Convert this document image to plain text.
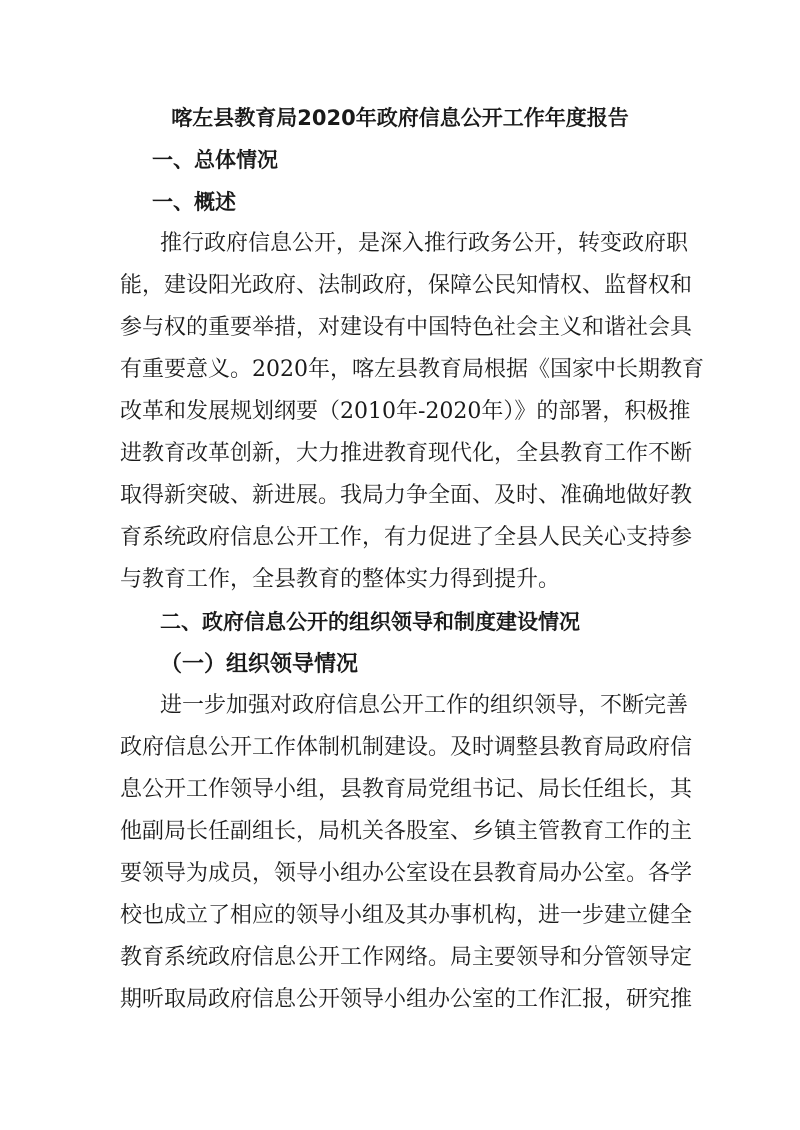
喀左县教育局2020年政府信息公开工作年度报告
一、总体情况
一、概述

推行政府信息公开，是深入推行政务公开，转变政府职

能，建设阳光政府、法制政府，保障公民知情权、监督权和

参与权的重要举措，对建设有中国特色社会主义和谐社会具

有重要意义。2020年，喀左县教育局根据《国家中长期教育

改革和发展规划纲要（2010年-2020年）》的部署，积极推

进教育改革创新，大力推进教育现代化，全县教育工作不断

取得新突破、新进展。我局力争全面、及时、准确地做好教

育系统政府信息公开工作，有力促进了全县人民关心支持参

与教育工作，全县教育的整体实力得到提升。

二、政府信息公开的组织领导和制度建设情况
（一）组织领导情况

进一步加强对政府信息公开工作的组织领导，不断完善

政府信息公开工作体制机制建设。及时调整县教育局政府信

息公开工作领导小组，县教育局党组书记、局长任组长，其

他副局长任副组长，局机关各股室、乡镇主管教育工作的主

要领导为成员，领导小组办公室设在县教育局办公室。各学

校也成立了相应的领导小组及其办事机构，进一步建立健全

教育系统政府信息公开工作网络。局主要领导和分管领导定

期听取局政府信息公开领导小组办公室的工作汇报，研究推
